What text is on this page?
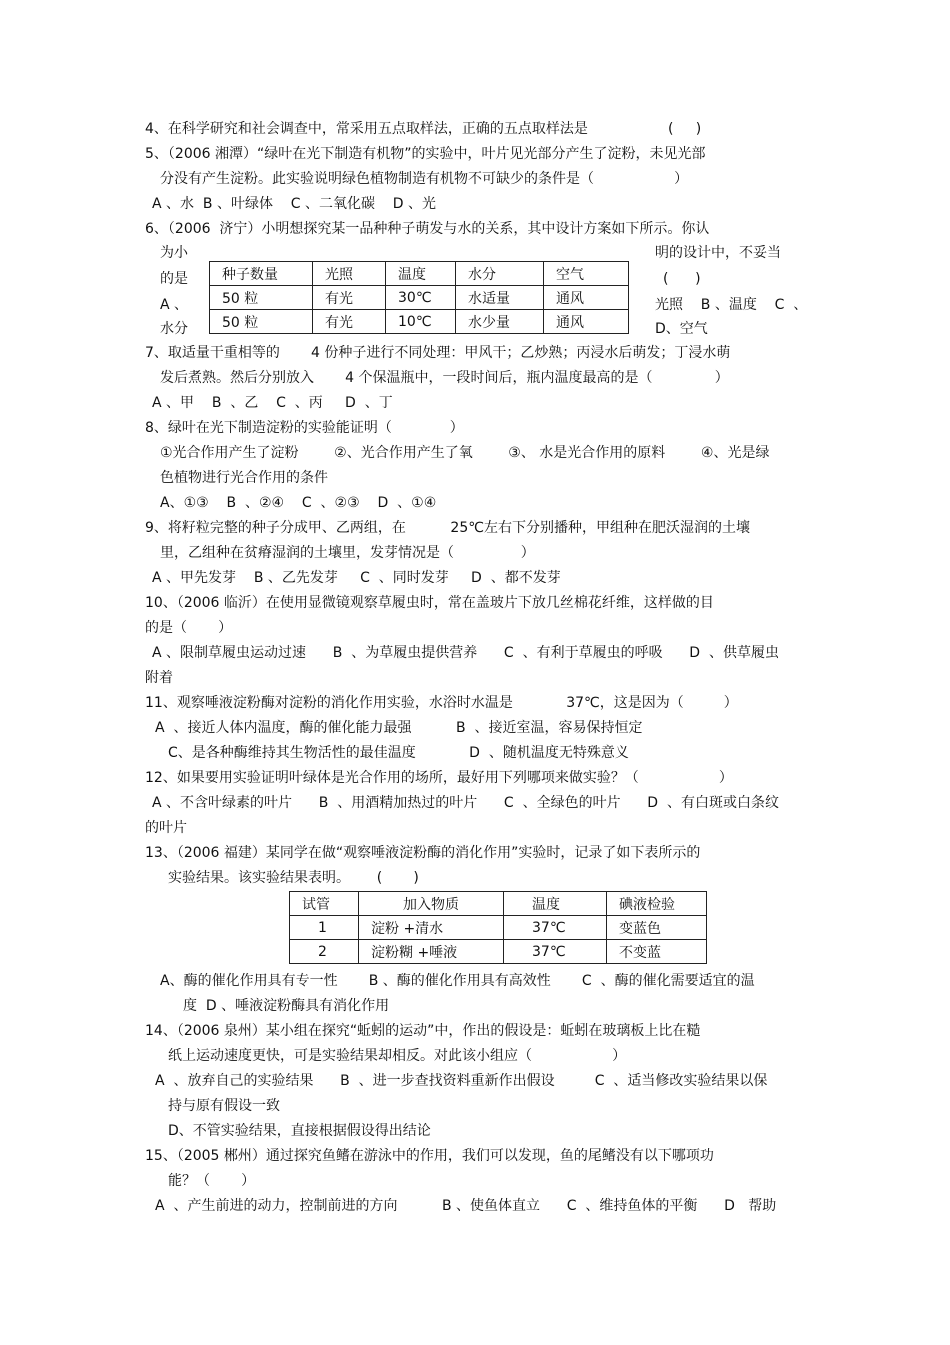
4、在科学研究和社会调查中，常采用五点取样法，正确的五点取样法是                  (     )
5、（2006 湘潭）“绿叶在光下制造有机物”的实验中，叶片见光部分产生了淀粉，未见光部
分没有产生淀粉。此实验说明绿色植物制造有机物不可缺少的条件是（                  ）
A 、水  B 、叶绿体    C 、二氧化碳    D 、光
6、（2006  济宁）小明想探究某一品种种子萌发与水的关系，其中设计方案如下所示。你认
为小
的是
A 、
水分
明的设计中，不妥当
(      )
光照    B 、温度    C  、
D、空气
种子数量	光照	温度	水分	空气
50 粒	有光	30℃	水适量	通风
50 粒	有光	10℃	水少量	通风
7、取适量干重相等的       4 份种子进行不同处理：甲风干；乙炒熟；丙浸水后萌发；丁浸水萌
发后煮熟。然后分别放入       4 个保温瓶中，一段时间后，瓶内温度最高的是（              ）
A 、甲    B  、乙    C  、丙     D  、丁
8、绿叶在光下制造淀粉的实验能证明（             ）
①光合作用产生了淀粉        ②、光合作用产生了氧        ③、 水是光合作用的原料        ④、光是绿
色植物进行光合作用的条件
A、①③    B  、②④    C  、②③    D  、①④
9、将籽粒完整的种子分成甲、乙两组，在          25℃左右下分别播种，甲组种在肥沃湿润的土壤
里，乙组种在贫瘠湿润的土壤里，发芽情况是（               ）
A 、甲先发芽    B 、乙先发芽     C  、同时发芽     D  、都不发芽
10、（2006 临沂）在使用显微镜观察草履虫时，常在盖玻片下放几丝棉花纤维，这样做的目
的是（       ）
A 、限制草履虫运动过速      B  、为草履虫提供营养      C  、有利于草履虫的呼吸      D  、供草履虫
附着
11、观察唾液淀粉酶对淀粉的消化作用实验，水浴时水温是            37℃，这是因为（         ）
A  、接近人体内温度，酶的催化能力最强          B  、接近室温，容易保持恒定
C、是各种酶维持其生物活性的最佳温度            D  、随机温度无特殊意义
12、如果要用实验证明叶绿体是光合作用的场所，最好用下列哪项来做实验？（                  ）
A 、不含叶绿素的叶片      B  、用酒精加热过的叶片      C  、全绿色的叶片      D  、有白斑或白条纹
的叶片
13、（2006 福建）某同学在做“观察唾液淀粉酶的消化作用”实验时，记录了如下表所示的
实验结果。该实验结果表明。      (       )
试管	加入物质	温度	碘液检验
1	淀粉 +清水	37℃	变蓝色
2	淀粉糊 +唾液	37℃	不变蓝
A、酶的催化作用具有专一性       B 、酶的催化作用具有高效性       C  、酶的催化需要适宜的温
度  D 、唾液淀粉酶具有消化作用
14、（2006 泉州）某小组在探究“蚯蚓的运动”中，作出的假设是：蚯蚓在玻璃板上比在糙
纸上运动速度更快，可是实验结果却相反。对此该小组应（                  ）
A  、放弃自己的实验结果      B  、进一步查找资料重新作出假设         C  、适当修改实验结果以保
持与原有假设一致
D、不管实验结果，直接根据假设得出结论
15、（2005 郴州）通过探究鱼鳍在游泳中的作用，我们可以发现，鱼的尾鳍没有以下哪项功
能？（       ）
A  、产生前进的动力，控制前进的方向          B 、使鱼体直立      C  、维持鱼体的平衡      D   帮助
